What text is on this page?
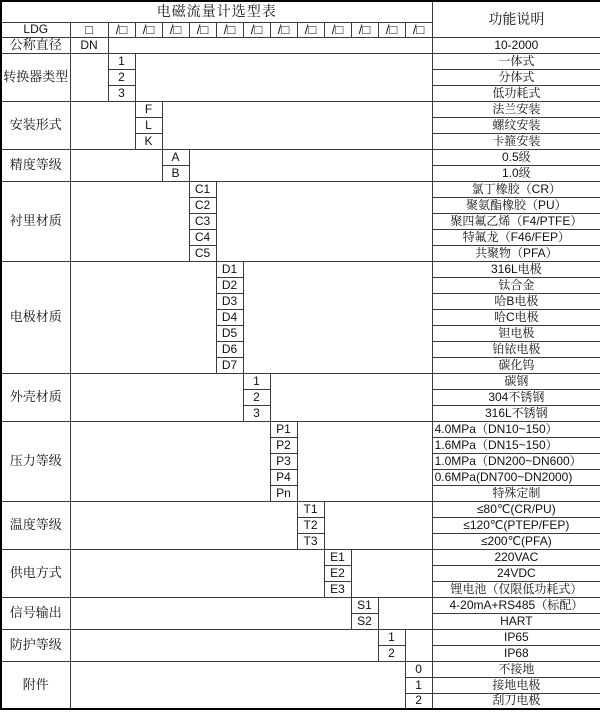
电磁流量计选型表														功能说明
LDG	□	/□	/□	/□	/□	/□	/□	/□	/□	/□	/□	/□	/□	
公称直径	DN													10-2000
转换器类型		1												一体式
		2												分体式
		3												低功耗式
安装形式			F											法兰安装
			L											螺纹安装
			K											卡箍安装
精度等级				A										0.5级
				B										1.0级
衬里材质					C1									氯丁橡胶（CR）
					C2									聚氨酯橡胶（PU）
					C3									聚四氟乙烯（F4/PTFE）
					C4									特氟龙（F46/FEP）
					C5									共聚物（PFA）
电极材质						D1								316L电极
						D2								钛合金
						D3								哈B电极
						D4								哈C电极
						D5								钽电极
						D6								铂铱电极
						D7								碳化钨
外壳材质							1							碳钢
							2							304不锈钢
							3							316L不锈钢
压力等级								P1						4.0MPa（DN10~150）
								P2						1.6MPa（DN15~150）
								P3						1.0MPa（DN200~DN600）
								P4						0.6MPa(DN700~DN2000)
								Pn						特殊定制
温度等级									T1					≤80℃(CR/PU)
									T2					≤120℃(PTEP/FEP)
									T3					≤200℃(PFA)
供电方式										E1				220VAC
										E2				24VDC
										E3				锂电池（仅限低功耗式）
信号输出											S1			4-20mA+RS485（标配）
											S2			HART
防护等级												1		IP65
												2		IP68
附件													0	不接地
													1	接地电极
													2	刮刀电极
